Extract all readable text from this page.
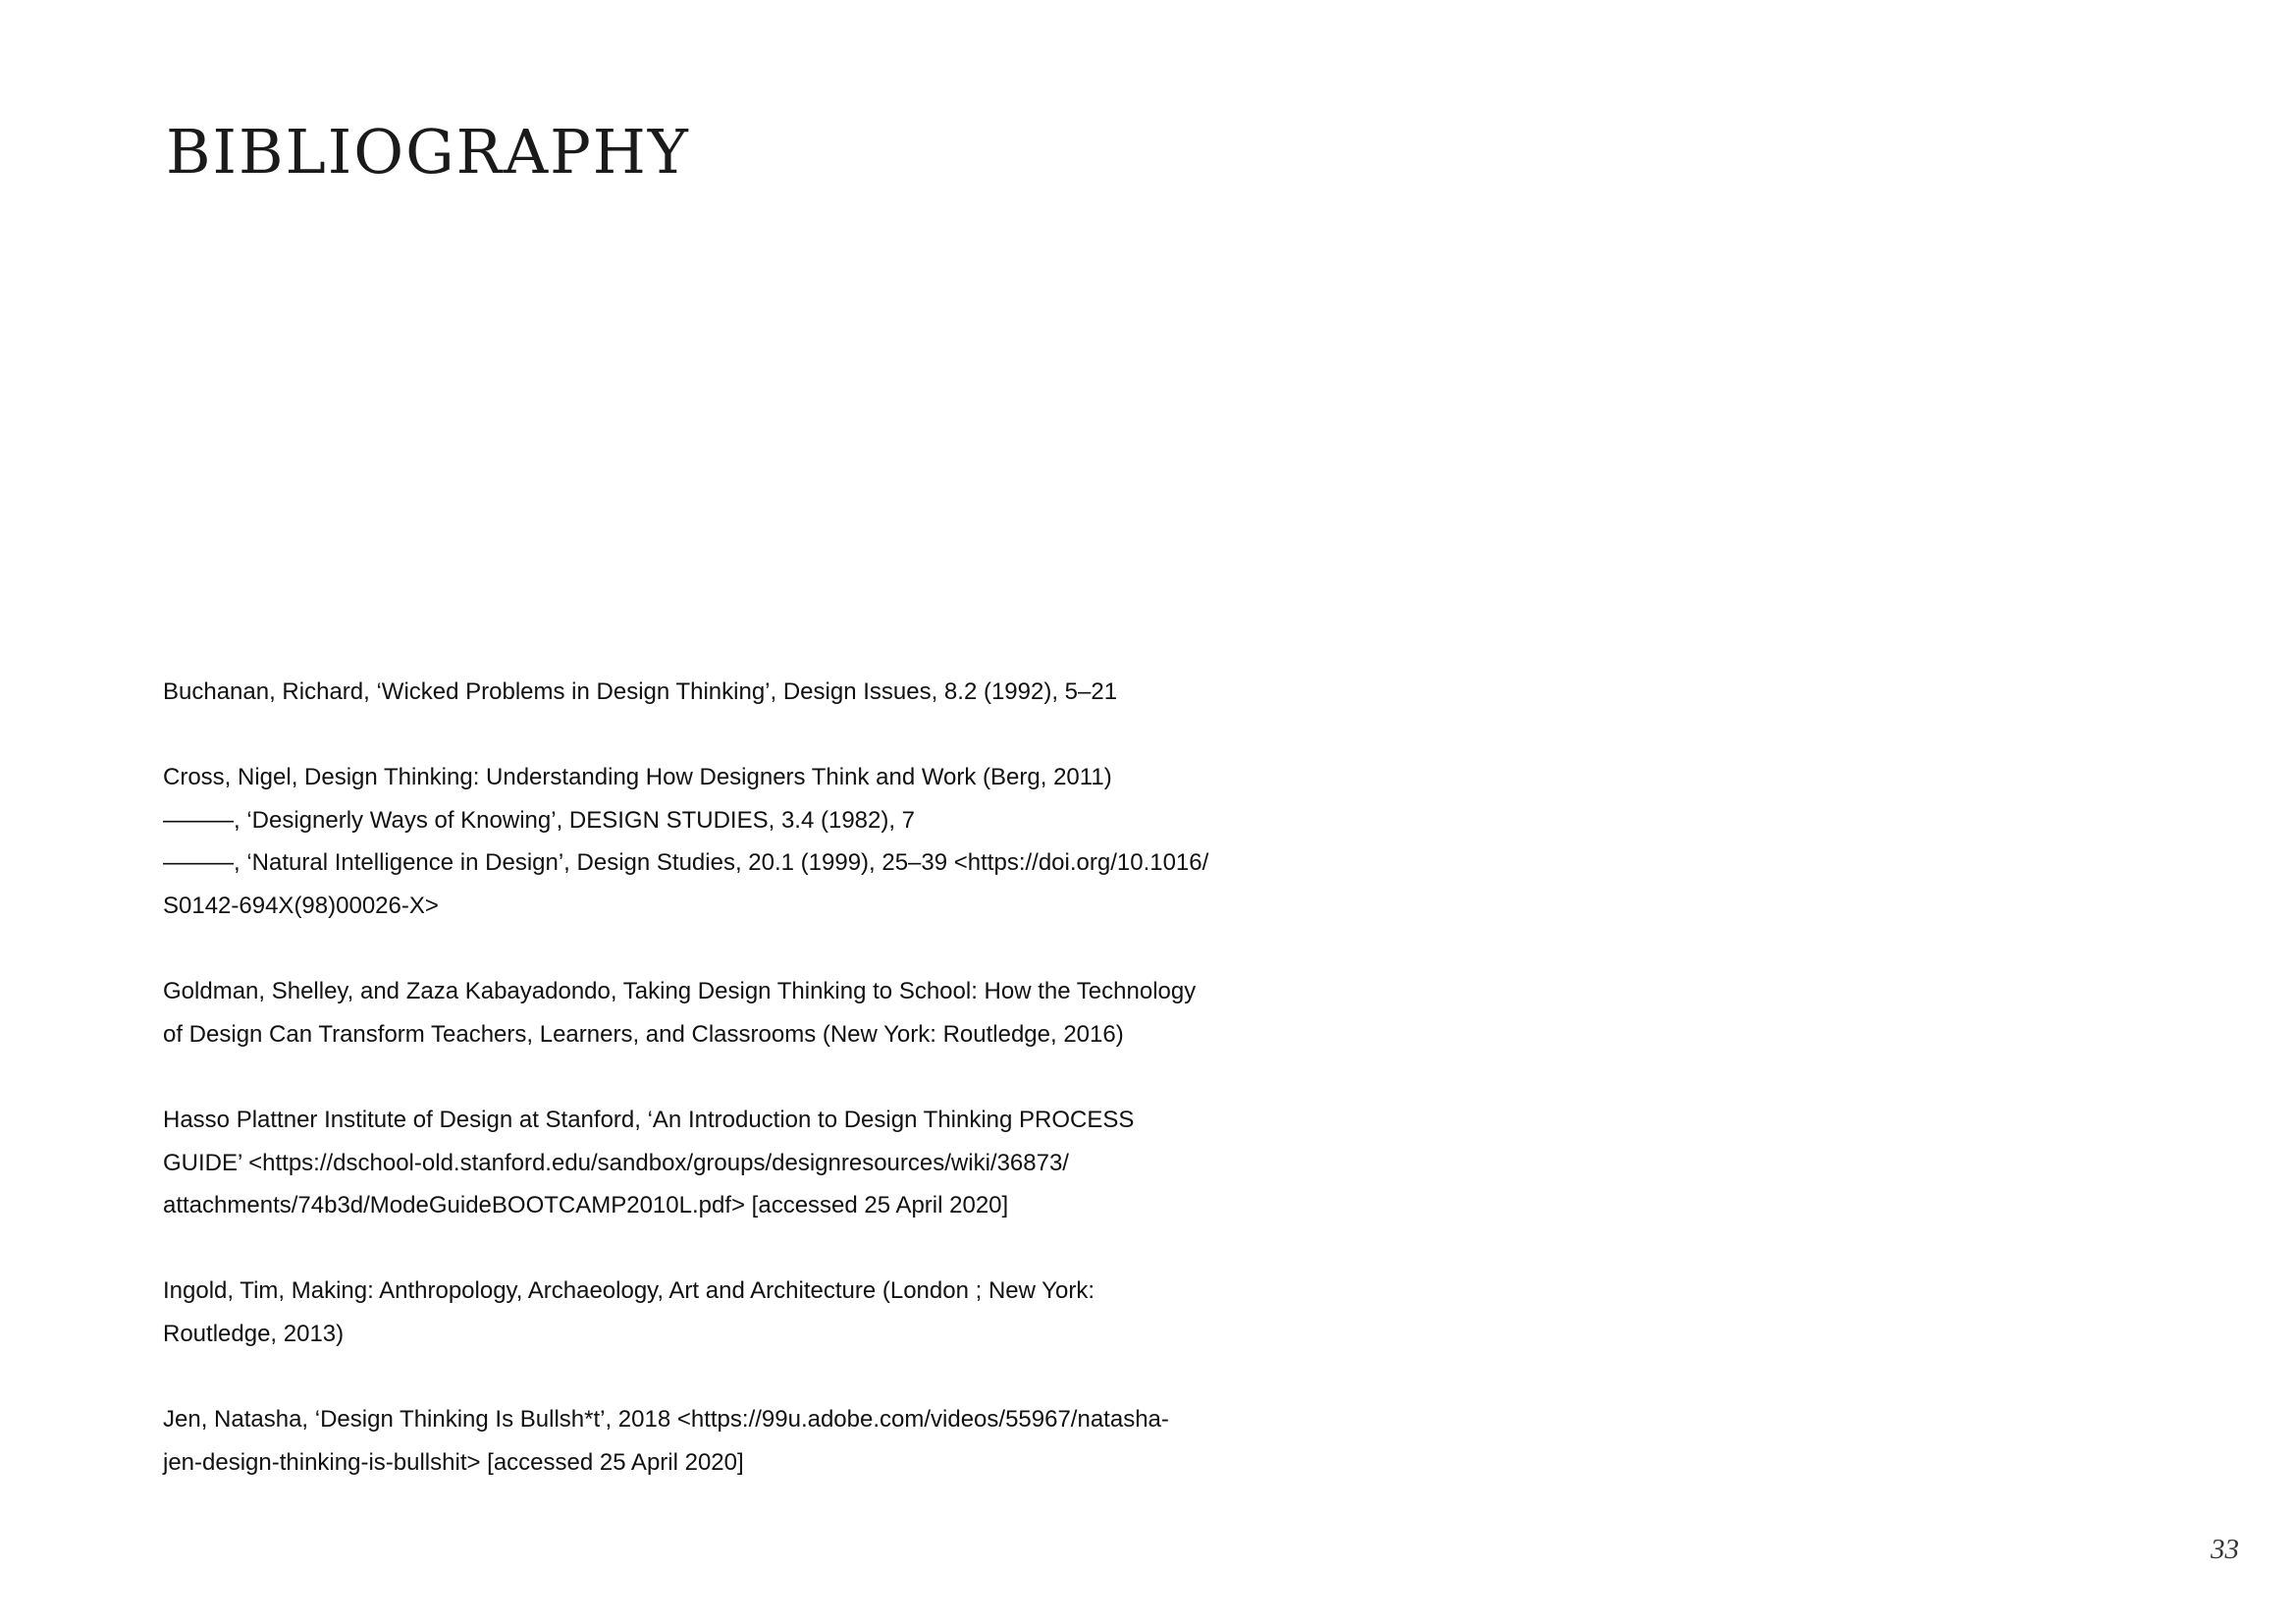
BIBLIOGRAPHY
Buchanan, Richard, ‘Wicked Problems in Design Thinking’, Design Issues, 8.2 (1992), 5–21
Cross, Nigel, Design Thinking: Understanding How Designers Think and Work (Berg, 2011)
———, ‘Designerly Ways of Knowing’, DESIGN STUDIES, 3.4 (1982), 7
———, ‘Natural Intelligence in Design’, Design Studies, 20.1 (1999), 25–39 <https://doi.org/10.1016/
S0142-694X(98)00026-X>
Goldman, Shelley, and Zaza Kabayadondo, Taking Design Thinking to School: How the Technology
of Design Can Transform Teachers, Learners, and Classrooms (New York: Routledge, 2016)
Hasso Plattner Institute of Design at Stanford, ‘An Introduction to Design Thinking PROCESS
GUIDE’ <https://dschool-old.stanford.edu/sandbox/groups/designresources/wiki/36873/
attachments/74b3d/ModeGuideBOOTCAMP2010L.pdf> [accessed 25 April 2020]
Ingold, Tim, Making: Anthropology, Archaeology, Art and Architecture (London ; New York:
Routledge, 2013)
Jen, Natasha, ‘Design Thinking Is Bullsh*t’, 2018 <https://99u.adobe.com/videos/55967/natasha-
jen-design-thinking-is-bullshit> [accessed 25 April 2020]
33
